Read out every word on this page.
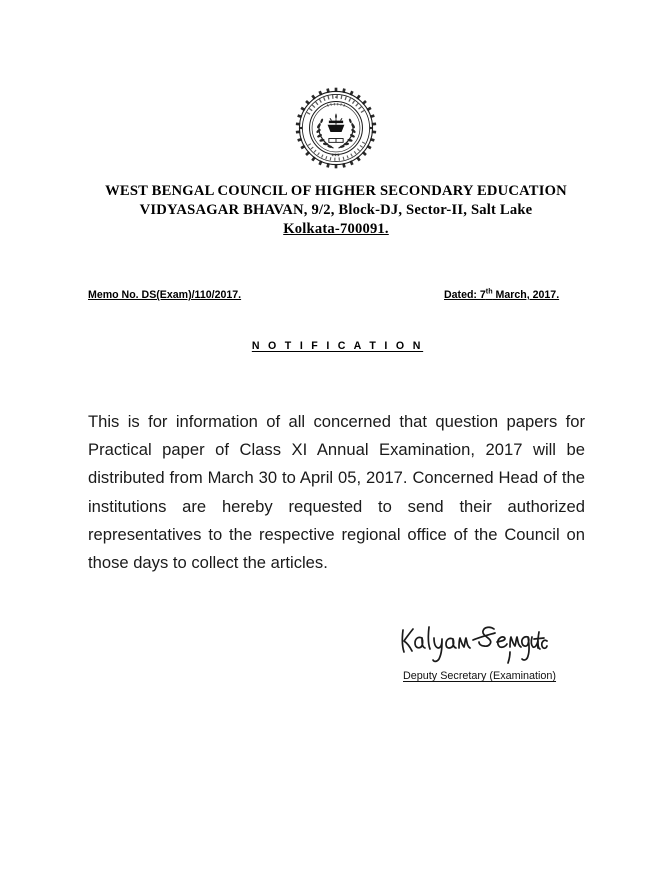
WEST BENGAL COUNCIL OF HIGHER SECONDARY EDUCATION
VIDYASAGAR BHAVAN, 9/2, Block-DJ, Sector-II, Salt Lake
Kolkata-700091.
Memo No. DS(Exam)/110/2017.	Dated: 7th March, 2017.
N O T I F I C A T I O N

This is for information of all concerned that question papers for Practical paper of Class XI Annual Examination, 2017 will be distributed from March 30 to April 05, 2017. Concerned Head of the institutions are hereby requested to send their authorized representatives to the respective regional office of the Council on those days to collect the articles.

Deputy Secretary (Examination)
